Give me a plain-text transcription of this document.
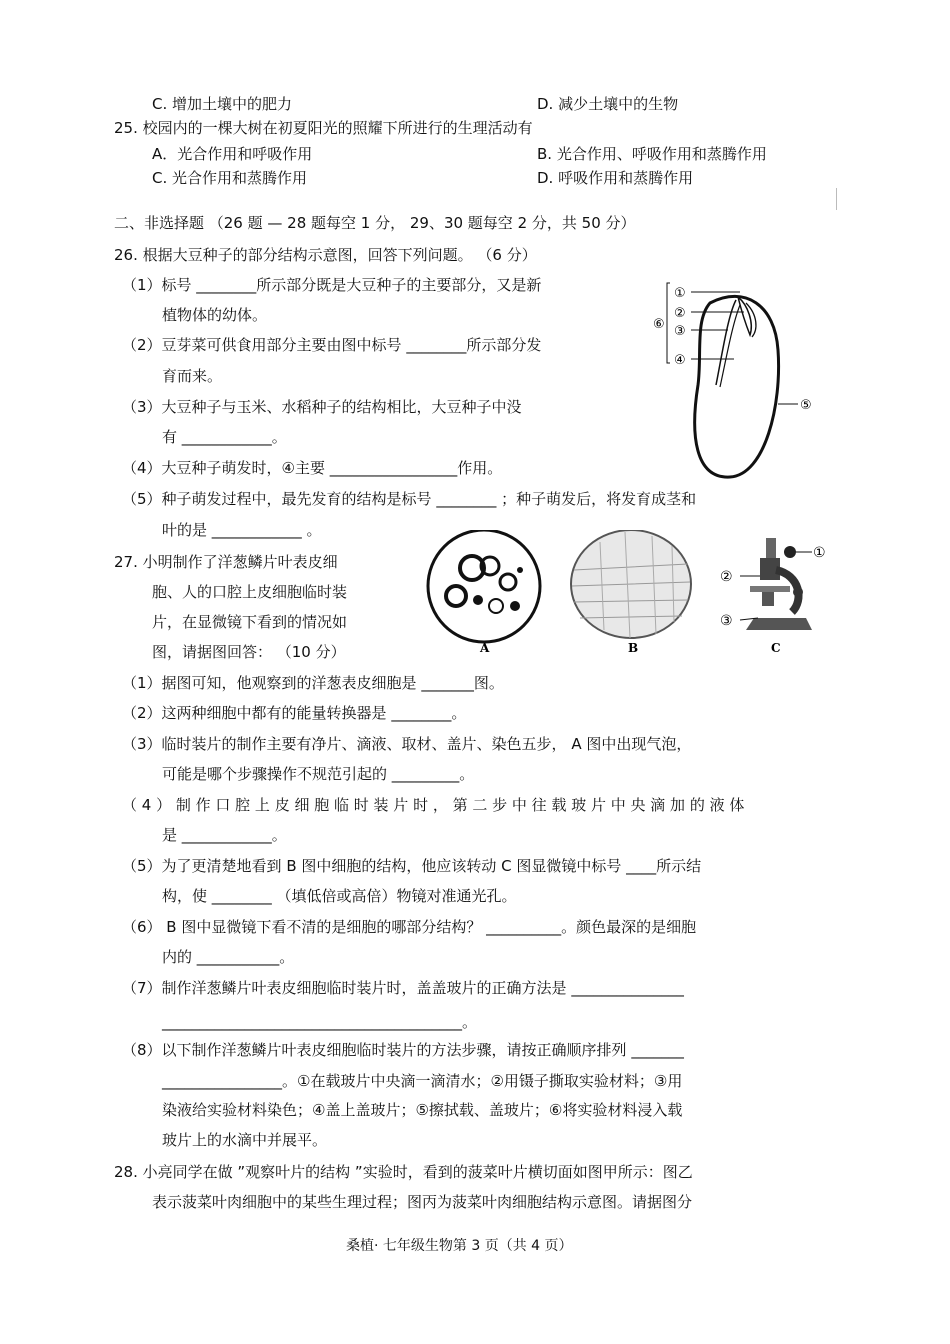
C. 增加土壤中的肥力	D. 减少土壤中的生物
25. 校园内的一棵大树在初夏阳光的照耀下所进行的生理活动有
A．光合作用和呼吸作用	B. 光合作用、呼吸作用和蒸腾作用
C. 光合作用和蒸腾作用	D. 呼吸作用和蒸腾作用
二、非选择题 （26 题 — 28 题每空 1 分， 29、30 题每空 2 分，共 50 分）
26. 根据大豆种子的部分结构示意图，回答下列问题。 （6 分）
（1）标号 ________所示部分既是大豆种子的主要部分，又是新
植物体的幼体。
（2）豆芽菜可供食用部分主要由图中标号 ________所示部分发
育而来。
（3）大豆种子与玉米、水稻种子的结构相比，大豆种子中没
有 ____________。
（4）大豆种子萌发时，④主要 _________________作用。
（5）种子萌发过程中，最先发育的结构是标号 ________ ；种子萌发后，将发育成茎和
叶的是 ____________ 。
①
②
③
④
⑤
⑥
27. 小明制作了洋葱鳞片叶表皮细
胞、人的口腔上皮细胞临时装
片，在显微镜下看到的情况如
图，请据图回答： （10 分）	A	B	C
①
②
③
（1）据图可知，他观察到的洋葱表皮细胞是 _______图。
（2）这两种细胞中都有的能量转换器是 ________。
（3）临时装片的制作主要有净片、滴液、取材、盖片、染色五步， A 图中出现气泡，
可能是哪个步骤操作不规范引起的 _________。
（ 4 ） 制 作 口 腔 上 皮 细 胞 临 时 装 片 时 ， 第 二 步 中 往 载 玻 片 中 央 滴 加 的 液 体
是 ____________。
（5）为了更清楚地看到 B 图中细胞的结构，他应该转动 C 图显微镜中标号 ____所示结
构，使 ________ （填低倍或高倍）物镜对准通光孔。
（6） B 图中显微镜下看不清的是细胞的哪部分结构？ __________。颜色最深的是细胞
内的 ___________。
（7）制作洋葱鳞片叶表皮细胞临时装片时，盖盖玻片的正确方法是 _______________
________________________________________。
（8）以下制作洋葱鳞片叶表皮细胞临时装片的方法步骤，请按正确顺序排列 _______
________________。①在载玻片中央滴一滴清水；②用镊子撕取实验材料；③用
染液给实验材料染色；④盖上盖玻片；⑤擦拭载、盖玻片；⑥将实验材料浸入载
玻片上的水滴中并展平。
28. 小亮同学在做 ”观察叶片的结构 ”实验时，看到的菠菜叶片横切面如图甲所示：图乙
表示菠菜叶肉细胞中的某些生理过程；图丙为菠菜叶肉细胞结构示意图。请据图分
桑植· 七年级生物第 3 页（共 4 页）
